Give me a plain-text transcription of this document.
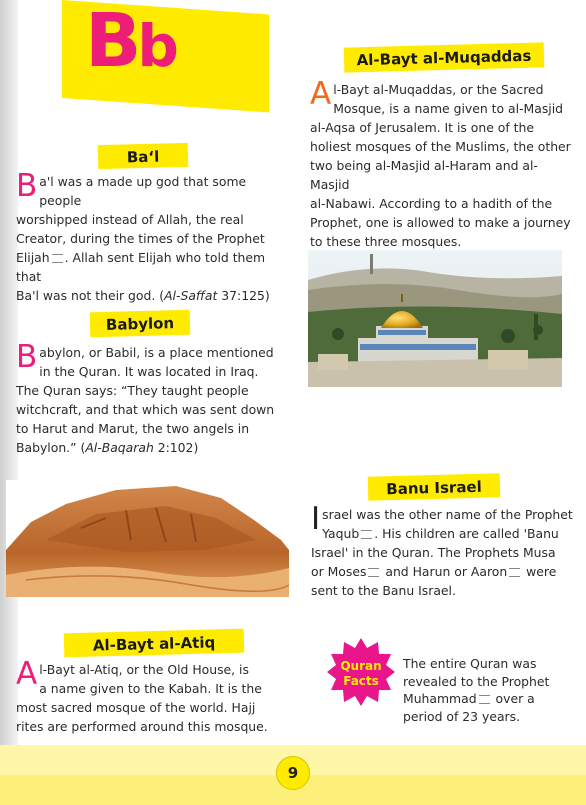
Bb
Ba‘l
Ba'l was a made up god that some people
worshipped instead of Allah, the real
Creator, during the times of the Prophet
Elijah . Allah sent Elijah who told them that
Ba'l was not their god. (Al-Saffat 37:125)
Babylon
Babylon, or Babil, is a place mentioned
in the Quran. It was located in Iraq.
The Quran says: “They taught people
witchcraft, and that which was sent down
to Harut and Marut, the two angels in
Babylon.” (Al-Baqarah 2:102)
Al-Bayt al-Atiq
Al-Bayt al-Atiq, or the Old House, is
a name given to the Kabah. It is the
most sacred mosque of the world. Hajj
rites are performed around this mosque.
Al-Bayt al-Muqaddas
Al-Bayt al-Muqaddas, or the Sacred
Mosque, is a name given to al-Masjid
al-Aqsa of Jerusalem. It is one of the
holiest mosques of the Muslims, the other
two being al-Masjid al-Haram and al-Masjid
al-Nabawi. According to a hadith of the
Prophet, one is allowed to make a journey
to these three mosques.
Banu Israel
Israel was the other name of the Prophet
Yaqub . His children are called 'Banu
Israel' in the Quran. The Prophets Musa
or Moses and Harun or Aaron were
sent to the Banu Israel.
Quran
Facts
The entire Quran was
revealed to the Prophet
Muhammad over a
period of 23 years.
9
